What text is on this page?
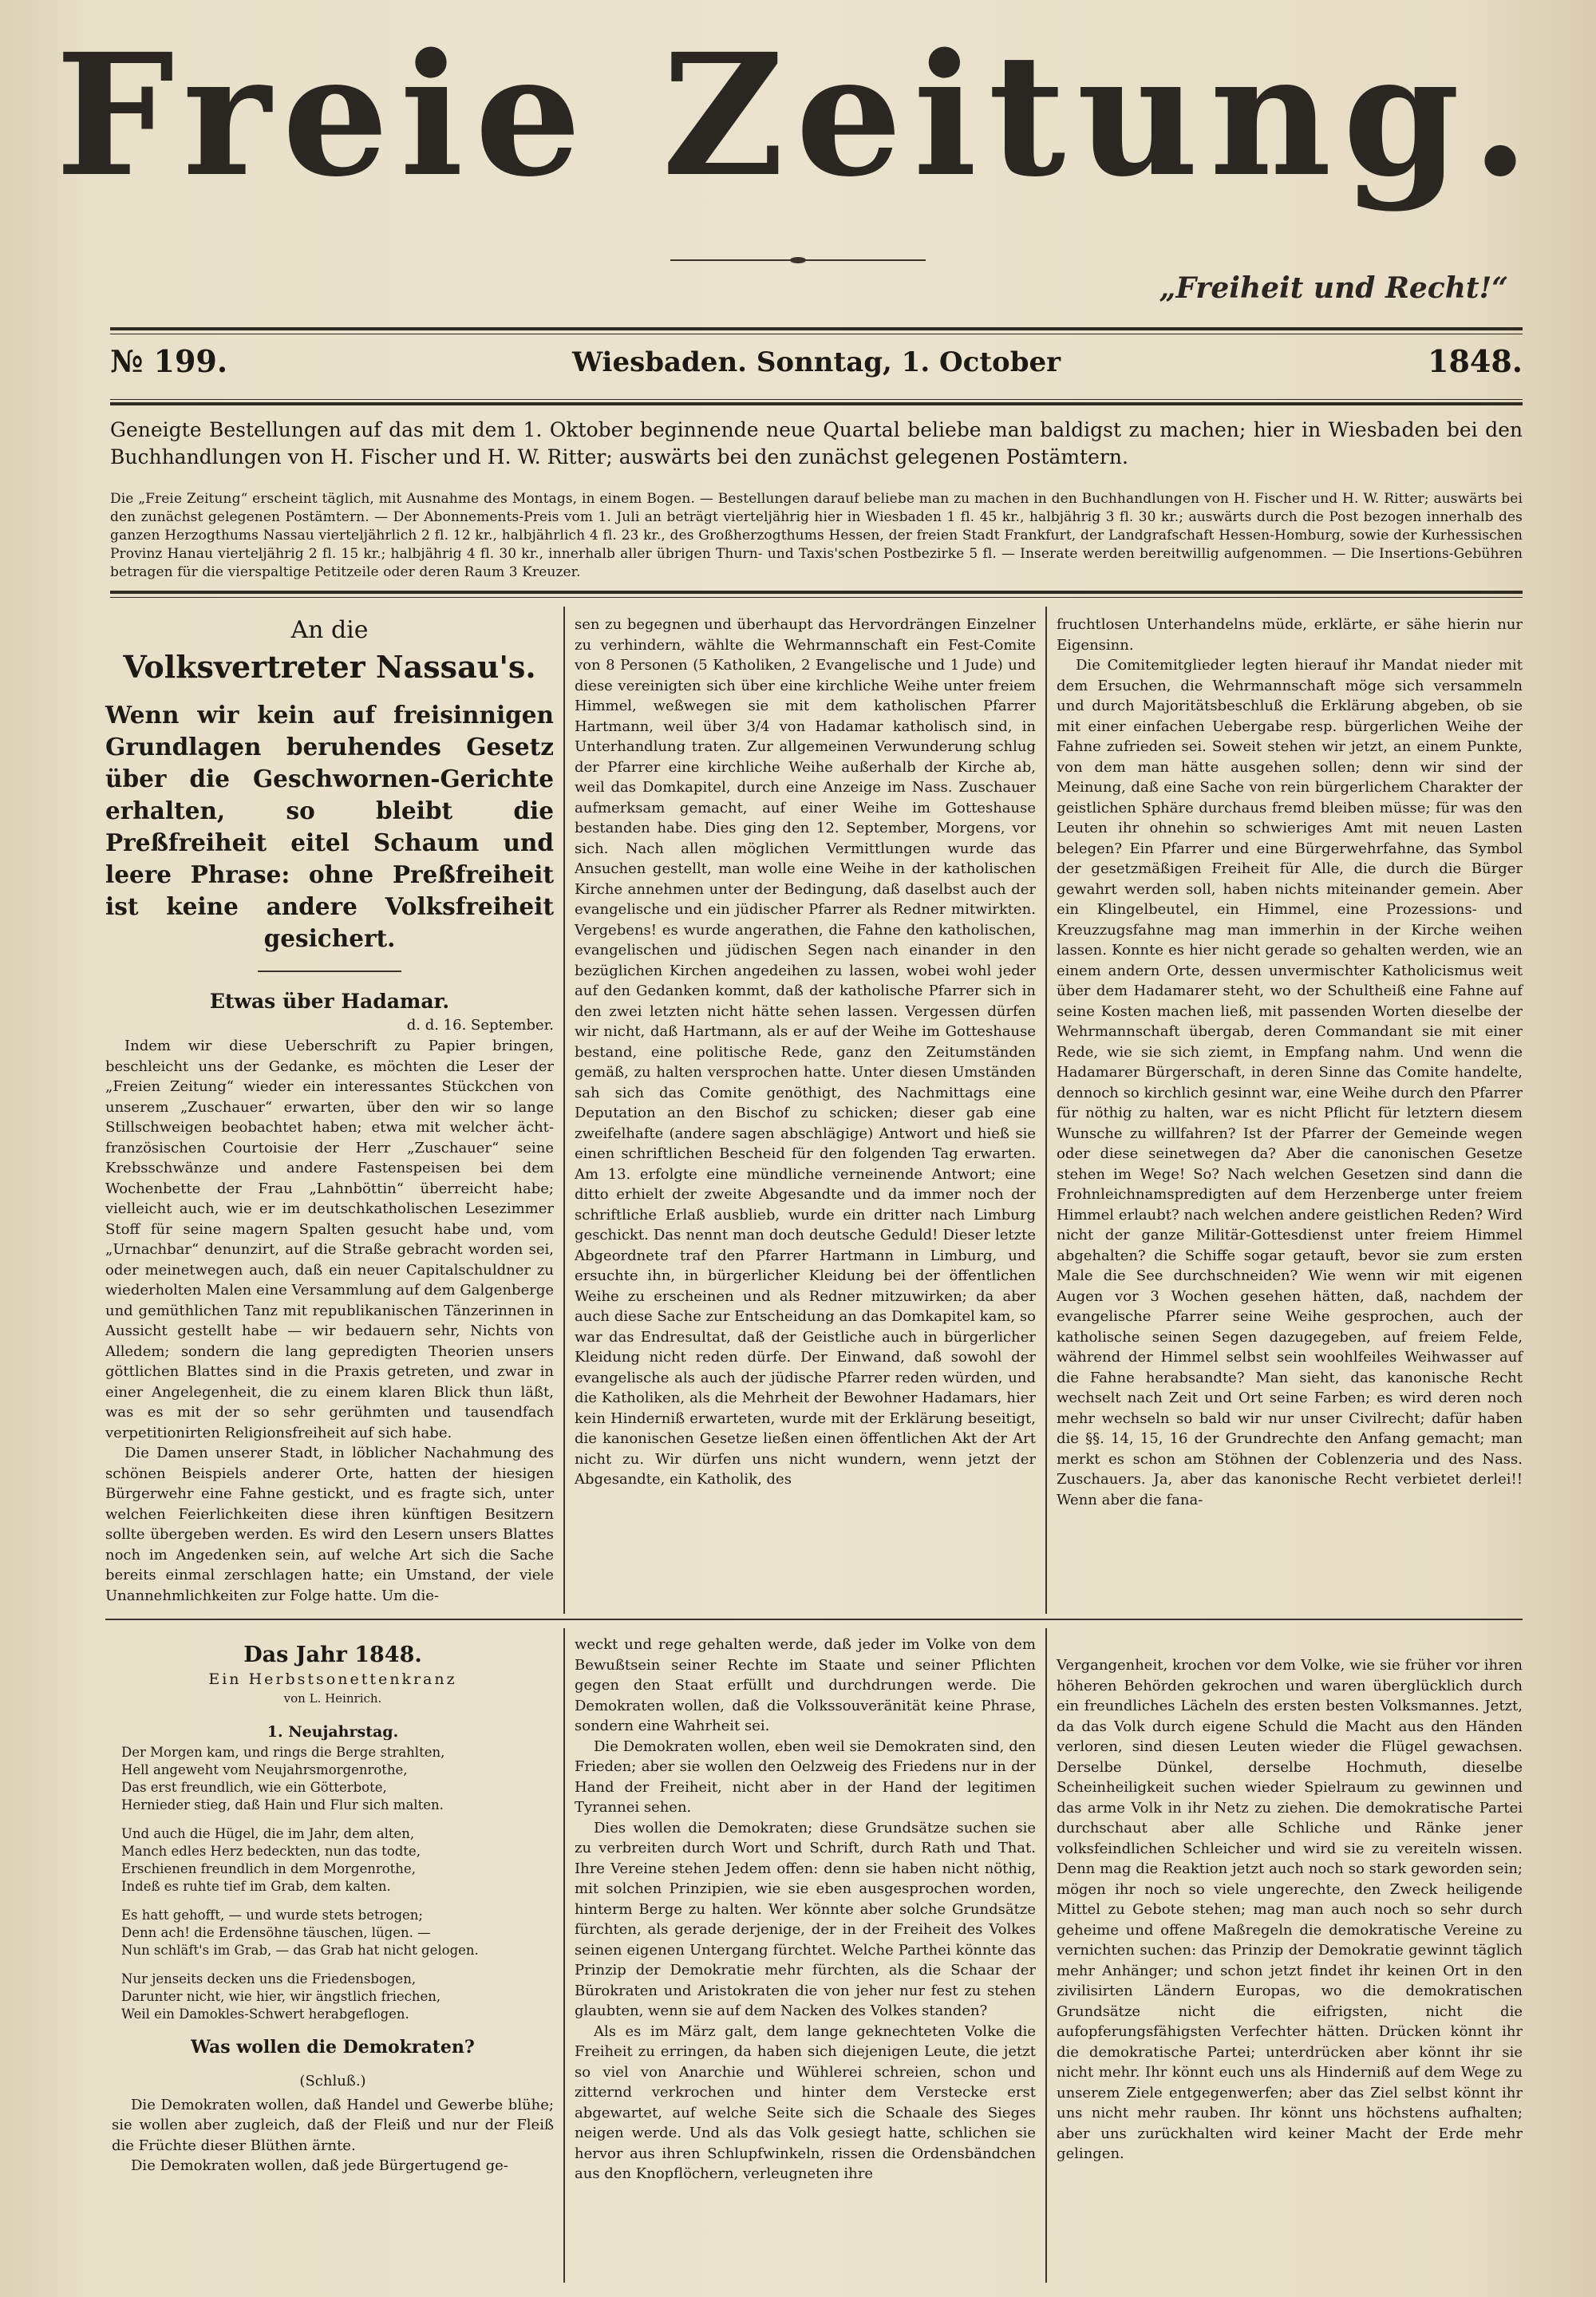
Freie Zeitung.
„Freiheit und Recht!“
№ 199.	Wiesbaden. Sonntag, 1. October	1848.
Geneigte Bestellungen auf das mit dem 1. Oktober beginnende neue Quartal beliebe man baldigst zu machen; hier in Wiesbaden bei den Buchhandlungen von H. Fischer und H. W. Ritter; auswärts bei den zunächst gelegenen Postämtern.
Die „Freie Zeitung“ erscheint täglich, mit Ausnahme des Montags, in einem Bogen. — Bestellungen darauf beliebe man zu machen in den Buchhandlungen von H. Fischer und H. W. Ritter; auswärts bei den zunächst gelegenen Postämtern. — Der Abonnements-Preis vom 1. Juli an beträgt vierteljährig hier in Wiesbaden 1 fl. 45 kr., halbjährig 3 fl. 30 kr.; auswärts durch die Post bezogen innerhalb des ganzen Herzogthums Nassau vierteljährlich 2 fl. 12 kr., halbjährlich 4 fl. 23 kr., des Großherzogthums Hessen, der freien Stadt Frankfurt, der Landgrafschaft Hessen-Homburg, sowie der Kurhessischen Provinz Hanau vierteljährig 2 fl. 15 kr.; halbjährig 4 fl. 30 kr., innerhalb aller übrigen Thurn- und Taxis'schen Postbezirke 5 fl. — Inserate werden bereitwillig aufgenommen. — Die Insertions-Gebühren betragen für die vierspaltige Petitzeile oder deren Raum 3 Kreuzer.
An die
Volksvertreter Nassau's.
Wenn wir kein auf freisinnigen Grundlagen beruhendes Gesetz über die Geschwornen-Gerichte erhalten, so bleibt die Preßfreiheit eitel Schaum und leere Phrase: ohne Preßfreiheit ist keine andere Volksfreiheit gesichert.
Etwas über Hadamar.
d. d. 16. September.

Indem wir diese Ueberschrift zu Papier bringen, beschleicht uns der Gedanke, es möchten die Leser der „Freien Zeitung“ wieder ein interessantes Stückchen von unserem „Zuschauer“ erwarten, über den wir so lange Stillschweigen beobachtet haben; etwa mit welcher ächt-französischen Courtoisie der Herr „Zuschauer“ seine Krebsschwänze und andere Fastenspeisen bei dem Wochenbette der Frau „Lahnböttin“ überreicht habe; vielleicht auch, wie er im deutschkatholischen Lesezimmer Stoff für seine magern Spalten gesucht habe und, vom „Urnachbar“ denunzirt, auf die Straße gebracht worden sei, oder meinetwegen auch, daß ein neuer Capitalschuldner zu wiederholten Malen eine Versammlung auf dem Galgenberge und gemüthlichen Tanz mit republikanischen Tänzerinnen in Aussicht gestellt habe — wir bedauern sehr, Nichts von Alledem; sondern die lang gepredigten Theorien unsers göttlichen Blattes sind in die Praxis getreten, und zwar in einer Angelegenheit, die zu einem klaren Blick thun läßt, was es mit der so sehr gerühmten und tausendfach verpetitionirten Religionsfreiheit auf sich habe.

Die Damen unserer Stadt, in löblicher Nachahmung des schönen Beispiels anderer Orte, hatten der hiesigen Bürgerwehr eine Fahne gestickt, und es fragte sich, unter welchen Feierlichkeiten diese ihren künftigen Besitzern sollte übergeben werden. Es wird den Lesern unsers Blattes noch im Angedenken sein, auf welche Art sich die Sache bereits einmal zerschlagen hatte; ein Umstand, der viele Unannehmlichkeiten zur Folge hatte. Um die-

sen zu begegnen und überhaupt das Hervordrängen Einzelner zu verhindern, wählte die Wehrmannschaft ein Fest-Comite von 8 Personen (5 Katholiken, 2 Evangelische und 1 Jude) und diese vereinigten sich über eine kirchliche Weihe unter freiem Himmel, weßwegen sie mit dem katholischen Pfarrer Hartmann, weil über 3/4 von Hadamar katholisch sind, in Unterhandlung traten. Zur allgemeinen Verwunderung schlug der Pfarrer eine kirchliche Weihe außerhalb der Kirche ab, weil das Domkapitel, durch eine Anzeige im Nass. Zuschauer aufmerksam gemacht, auf einer Weihe im Gotteshause bestanden habe. Dies ging den 12. September, Morgens, vor sich. Nach allen möglichen Vermittlungen wurde das Ansuchen gestellt, man wolle eine Weihe in der katholischen Kirche annehmen unter der Bedingung, daß daselbst auch der evangelische und ein jüdischer Pfarrer als Redner mitwirkten. Vergebens! es wurde angerathen, die Fahne den katholischen, evangelischen und jüdischen Segen nach einander in den bezüglichen Kirchen angedeihen zu lassen, wobei wohl jeder auf den Gedanken kommt, daß der katholische Pfarrer sich in den zwei letzten nicht hätte sehen lassen. Vergessen dürfen wir nicht, daß Hartmann, als er auf der Weihe im Gotteshause bestand, eine politische Rede, ganz den Zeitumständen gemäß, zu halten versprochen hatte. Unter diesen Umständen sah sich das Comite genöthigt, des Nachmittags eine Deputation an den Bischof zu schicken; dieser gab eine zweifelhafte (andere sagen abschlägige) Antwort und hieß sie einen schriftlichen Bescheid für den folgenden Tag erwarten. Am 13. erfolgte eine mündliche verneinende Antwort; eine ditto erhielt der zweite Abgesandte und da immer noch der schriftliche Erlaß ausblieb, wurde ein dritter nach Limburg geschickt. Das nennt man doch deutsche Geduld! Dieser letzte Abgeordnete traf den Pfarrer Hartmann in Limburg, und ersuchte ihn, in bürgerlicher Kleidung bei der öffentlichen Weihe zu erscheinen und als Redner mitzuwirken; da aber auch diese Sache zur Entscheidung an das Domkapitel kam, so war das Endresultat, daß der Geistliche auch in bürgerlicher Kleidung nicht reden dürfe. Der Einwand, daß sowohl der evangelische als auch der jüdische Pfarrer reden würden, und die Katholiken, als die Mehrheit der Bewohner Hadamars, hier kein Hinderniß erwarteten, wurde mit der Erklärung beseitigt, die kanonischen Gesetze ließen einen öffentlichen Akt der Art nicht zu. Wir dürfen uns nicht wundern, wenn jetzt der Abgesandte, ein Katholik, des

fruchtlosen Unterhandelns müde, erklärte, er sähe hierin nur Eigensinn.

Die Comitemitglieder legten hierauf ihr Mandat nieder mit dem Ersuchen, die Wehrmannschaft möge sich versammeln und durch Majoritätsbeschluß die Erklärung abgeben, ob sie mit einer einfachen Uebergabe resp. bürgerlichen Weihe der Fahne zufrieden sei. Soweit stehen wir jetzt, an einem Punkte, von dem man hätte ausgehen sollen; denn wir sind der Meinung, daß eine Sache von rein bürgerlichem Charakter der geistlichen Sphäre durchaus fremd bleiben müsse; für was den Leuten ihr ohnehin so schwieriges Amt mit neuen Lasten belegen? Ein Pfarrer und eine Bürgerwehrfahne, das Symbol der gesetzmäßigen Freiheit für Alle, die durch die Bürger gewahrt werden soll, haben nichts miteinander gemein. Aber ein Klingelbeutel, ein Himmel, eine Prozessions- und Kreuzzugsfahne mag man immerhin in der Kirche weihen lassen. Konnte es hier nicht gerade so gehalten werden, wie an einem andern Orte, dessen unvermischter Katholicismus weit über dem Hadamarer steht, wo der Schultheiß eine Fahne auf seine Kosten machen ließ, mit passenden Worten dieselbe der Wehrmannschaft übergab, deren Commandant sie mit einer Rede, wie sie sich ziemt, in Empfang nahm. Und wenn die Hadamarer Bürgerschaft, in deren Sinne das Comite handelte, dennoch so kirchlich gesinnt war, eine Weihe durch den Pfarrer für nöthig zu halten, war es nicht Pflicht für letztern diesem Wunsche zu willfahren? Ist der Pfarrer der Gemeinde wegen oder diese seinetwegen da? Aber die canonischen Gesetze stehen im Wege! So? Nach welchen Gesetzen sind dann die Frohnleichnamspredigten auf dem Herzenberge unter freiem Himmel erlaubt? nach welchen andere geistlichen Reden? Wird nicht der ganze Militär-Gottesdienst unter freiem Himmel abgehalten? die Schiffe sogar getauft, bevor sie zum ersten Male die See durchschneiden? Wie wenn wir mit eigenen Augen vor 3 Wochen gesehen hätten, daß, nachdem der evangelische Pfarrer seine Weihe gesprochen, auch der katholische seinen Segen dazugegeben, auf freiem Felde, während der Himmel selbst sein woohlfeiles Weihwasser auf die Fahne herabsandte? Man sieht, das kanonische Recht wechselt nach Zeit und Ort seine Farben; es wird deren noch mehr wechseln so bald wir nur unser Civilrecht; dafür haben die §§. 14, 15, 16 der Grundrechte den Anfang gemacht; man merkt es schon am Stöhnen der Coblenzeria und des Nass. Zuschauers. Ja, aber das kanonische Recht verbietet derlei!! Wenn aber die fana-

Das Jahr 1848.
Ein Herbstsonettenkranz
von L. Heinrich.
1. Neujahrstag.
Der Morgen kam, und rings die Berge strahlten,
Hell angeweht vom Neujahrsmorgenrothe,
Das erst freundlich, wie ein Götterbote,
Hernieder stieg, daß Hain und Flur sich malten.
Und auch die Hügel, die im Jahr, dem alten,
Manch edles Herz bedeckten, nun das todte,
Erschienen freundlich in dem Morgenrothe,
Indeß es ruhte tief im Grab, dem kalten.
Es hatt gehofft, — und wurde stets betrogen;
Denn ach! die Erdensöhne täuschen, lügen. —
Nun schläft's im Grab, — das Grab hat nicht gelogen.
Nur jenseits decken uns die Friedensbogen,
Darunter nicht, wie hier, wir ängstlich friechen,
Weil ein Damokles-Schwert herabgeflogen.
Was wollen die Demokraten?
(Schluß.)

Die Demokraten wollen, daß Handel und Gewerbe blühe; sie wollen aber zugleich, daß der Fleiß und nur der Fleiß die Früchte dieser Blüthen ärnte.

Die Demokraten wollen, daß jede Bürgertugend ge-

weckt und rege gehalten werde, daß jeder im Volke von dem Bewußtsein seiner Rechte im Staate und seiner Pflichten gegen den Staat erfüllt und durchdrungen werde. Die Demokraten wollen, daß die Volkssouveränität keine Phrase, sondern eine Wahrheit sei.

Die Demokraten wollen, eben weil sie Demokraten sind, den Frieden; aber sie wollen den Oelzweig des Friedens nur in der Hand der Freiheit, nicht aber in der Hand der legitimen Tyrannei sehen.

Dies wollen die Demokraten; diese Grundsätze suchen sie zu verbreiten durch Wort und Schrift, durch Rath und That. Ihre Vereine stehen Jedem offen: denn sie haben nicht nöthig, mit solchen Prinzipien, wie sie eben ausgesprochen worden, hinterm Berge zu halten. Wer könnte aber solche Grundsätze fürchten, als gerade derjenige, der in der Freiheit des Volkes seinen eigenen Untergang fürchtet. Welche Parthei könnte das Prinzip der Demokratie mehr fürchten, als die Schaar der Bürokraten und Aristokraten die von jeher nur fest zu stehen glaubten, wenn sie auf dem Nacken des Volkes standen?

Als es im März galt, dem lange geknechteten Volke die Freiheit zu erringen, da haben sich diejenigen Leute, die jetzt so viel von Anarchie und Wühlerei schreien, schon und zitternd verkrochen und hinter dem Verstecke erst abgewartet, auf welche Seite sich die Schaale des Sieges neigen werde. Und als das Volk gesiegt hatte, schlichen sie hervor aus ihren Schlupfwinkeln, rissen die Ordensbändchen aus den Knopflöchern, verleugneten ihre

Vergangenheit, krochen vor dem Volke, wie sie früher vor ihren höheren Behörden gekrochen und waren überglücklich durch ein freundliches Lächeln des ersten besten Volksmannes. Jetzt, da das Volk durch eigene Schuld die Macht aus den Händen verloren, sind diesen Leuten wieder die Flügel gewachsen. Derselbe Dünkel, derselbe Hochmuth, dieselbe Scheinheiligkeit suchen wieder Spielraum zu gewinnen und das arme Volk in ihr Netz zu ziehen. Die demokratische Partei durchschaut aber alle Schliche und Ränke jener volksfeindlichen Schleicher und wird sie zu vereiteln wissen. Denn mag die Reaktion jetzt auch noch so stark geworden sein; mögen ihr noch so viele ungerechte, den Zweck heiligende Mittel zu Gebote stehen; mag man auch noch so sehr durch geheime und offene Maßregeln die demokratische Vereine zu vernichten suchen: das Prinzip der Demokratie gewinnt täglich mehr Anhänger; und schon jetzt findet ihr keinen Ort in den zivilisirten Ländern Europas, wo die demokratischen Grundsätze nicht die eifrigsten, nicht die aufopferungsfähigsten Verfechter hätten. Drücken könnt ihr die demokratische Partei; unterdrücken aber könnt ihr sie nicht mehr. Ihr könnt euch uns als Hinderniß auf dem Wege zu unserem Ziele entgegenwerfen; aber das Ziel selbst könnt ihr uns nicht mehr rauben. Ihr könnt uns höchstens aufhalten; aber uns zurückhalten wird keiner Macht der Erde mehr gelingen.
